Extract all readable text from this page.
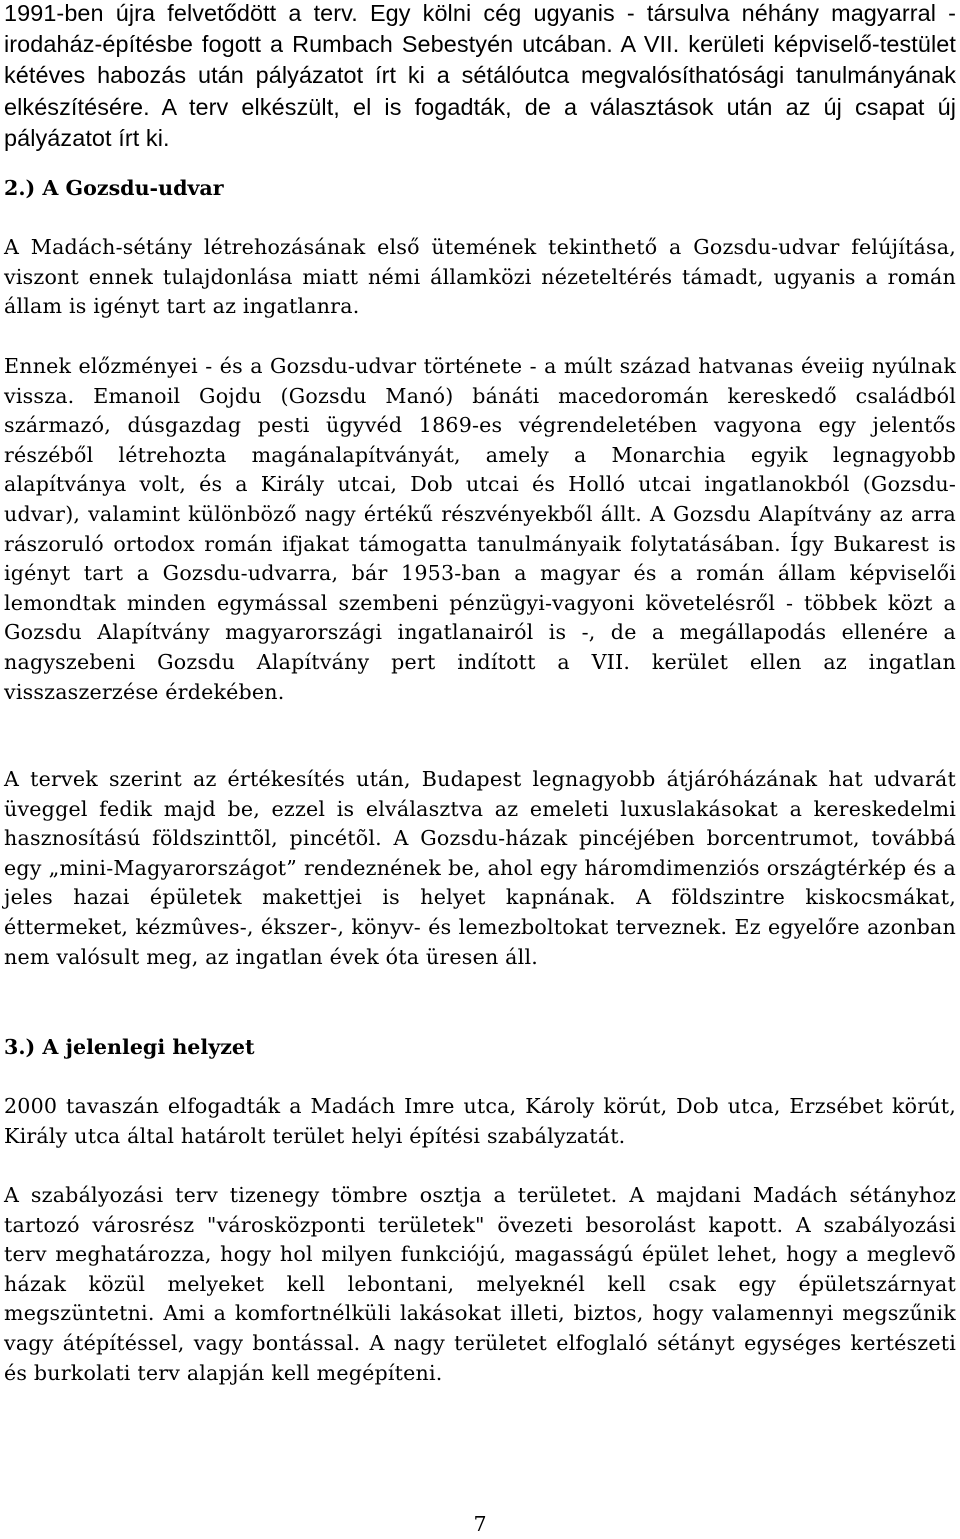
1991-ben újra felvetődött a terv. Egy kölni cég ugyanis - társulva néhány magyarral - irodaház-építésbe fogott a Rumbach Sebestyén utcában. A VII. kerületi képviselő-testület kétéves habozás után pályázatot írt ki a sétálóutca megvalósíthatósági tanulmányának elkészítésére. A terv elkészült, el is fogadták, de a választások után az új csapat új pályázatot írt ki.

2.) A Gozsdu-udvar

A Madách-sétány létrehozásának első ütemének tekinthető a Gozsdu-udvar felújítása, viszont ennek tulajdonlása miatt némi államközi nézeteltérés támadt, ugyanis a román állam is igényt tart az ingatlanra.

Ennek előzményei - és a Gozsdu-udvar története - a múlt század hatvanas éveiig nyúlnak vissza. Emanoil Gojdu (Gozsdu Manó) bánáti macedoromán kereskedő családból származó, dúsgazdag pesti ügyvéd 1869-es végrendeletében vagyona egy jelentős részéből létrehozta magánalapítványát, amely a Monarchia egyik legnagyobb alapítványa volt, és a Király utcai, Dob utcai és Holló utcai ingatlanokból (Gozsdu-udvar), valamint különböző nagy értékű részvényekből állt. A Gozsdu Alapítvány az arra rászoruló ortodox román ifjakat támogatta tanulmányaik folytatásában. Így Bukarest is igényt tart a Gozsdu-udvarra, bár 1953-ban a magyar és a román állam képviselői lemondtak minden egymással szembeni pénzügyi-vagyoni követelésről - többek közt a Gozsdu Alapítvány magyarországi ingatlanairól is -, de a megállapodás ellenére a nagyszebeni Gozsdu Alapítvány pert indított a VII. kerület ellen az ingatlan visszaszerzése érdekében.

A tervek szerint az értékesítés után, Budapest legnagyobb átjáróházának hat udvarát üveggel fedik majd be, ezzel is elválasztva az emeleti luxuslakásokat a kereskedelmi hasznosítású földszinttõl, pincétõl. A Gozsdu-házak pincéjében borcentrumot, továbbá egy „mini-Magyarországot” rendeznének be, ahol egy háromdimenziós országtérkép és a jeles hazai épületek makettjei is helyet kapnának. A földszintre kiskocsmákat, éttermeket, kézmûves-, ékszer-, könyv- és lemezboltokat terveznek. Ez egyelőre azonban nem valósult meg, az ingatlan évek óta üresen áll.

3.) A jelenlegi helyzet

2000 tavaszán elfogadták a Madách Imre utca, Károly körút, Dob utca, Erzsébet körút, Király utca által határolt terület helyi építési szabályzatát.

A szabályozási terv tizenegy tömbre osztja a területet. A majdani Madách sétányhoz tartozó városrész "városközponti területek" övezeti besorolást kapott. A szabályozási terv meghatározza, hogy hol milyen funkciójú, magasságú épület lehet, hogy a meglevõ házak közül melyeket kell lebontani, melyeknél kell csak egy épületszárnyat megszüntetni. Ami a komfortnélküli lakásokat illeti, biztos, hogy valamennyi megszűnik vagy átépítéssel, vagy bontással. A nagy területet elfoglaló sétányt egységes kertészeti és burkolati terv alapján kell megépíteni.

7
